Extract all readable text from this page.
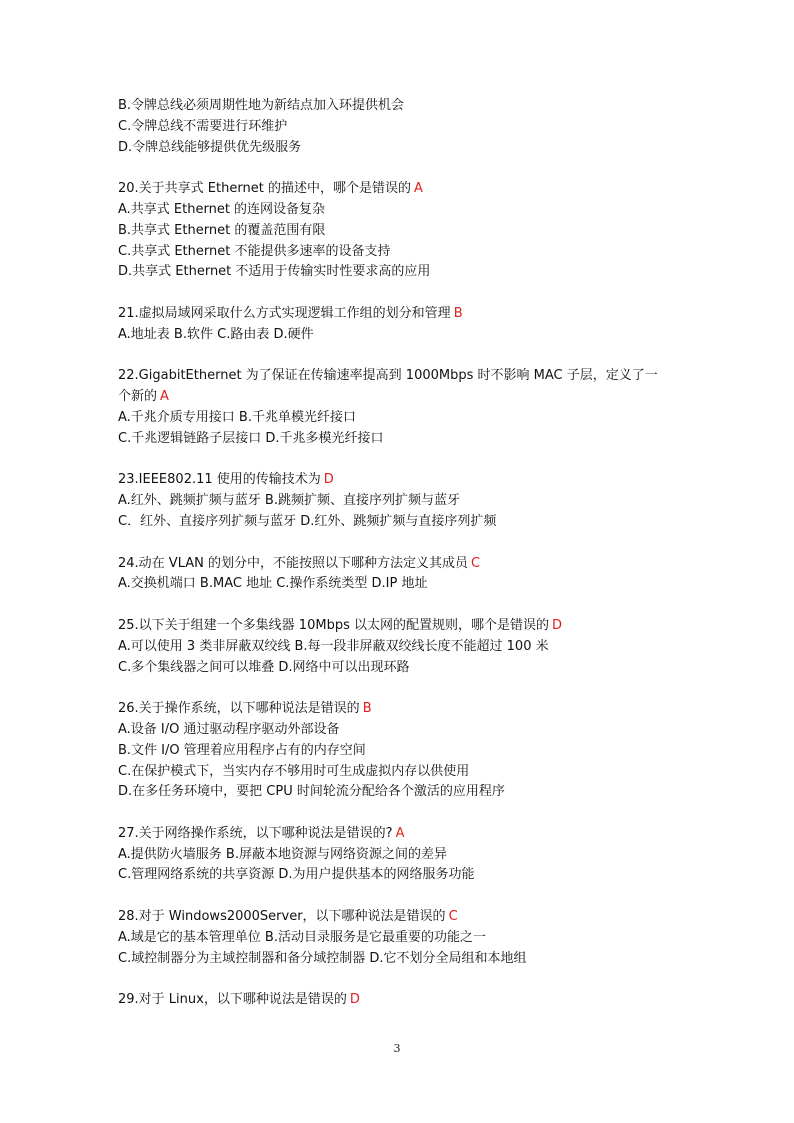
B.令牌总线必须周期性地为新结点加入环提供机会
C.令牌总线不需要进行环维护
D.令牌总线能够提供优先级服务
20.关于共享式 Ethernet 的描述中，哪个是错误的 A
A.共享式 Ethernet 的连网设备复杂
B.共享式 Ethernet 的覆盖范围有限
C.共享式 Ethernet 不能提供多速率的设备支持
D.共享式 Ethernet 不适用于传输实时性要求高的应用
21.虚拟局域网采取什么方式实现逻辑工作组的划分和管理 B
A.地址表 B.软件 C.路由表 D.硬件
22.GigabitEthernet 为了保证在传输速率提高到 1000Mbps 时不影响 MAC 子层，定义了一
个新的 A
A.千兆介质专用接口 B.千兆单模光纤接口
C.千兆逻辑链路子层接口 D.千兆多模光纤接口
23.IEEE802.11 使用的传输技术为 D
A.红外、跳频扩频与蓝牙 B.跳频扩频、直接序列扩频与蓝牙
C．红外、直接序列扩频与蓝牙 D.红外、跳频扩频与直接序列扩频
24.动在 VLAN 的划分中，不能按照以下哪种方法定义其成员 C
A.交换机端口 B.MAC 地址 C.操作系统类型 D.IP 地址
25.以下关于组建一个多集线器 10Mbps 以太网的配置规则，哪个是错误的 D
A.可以使用 3 类非屏蔽双绞线 B.每一段非屏蔽双绞线长度不能超过 100 米
C.多个集线器之间可以堆叠 D.网络中可以出现环路
26.关于操作系统，以下哪种说法是错误的 B
A.设备 I/O 通过驱动程序驱动外部设备
B.文件 I/O 管理着应用程序占有的内存空间
C.在保护模式下，当实内存不够用时可生成虚拟内存以供使用
D.在多任务环境中，要把 CPU 时间轮流分配给各个激活的应用程序
27.关于网络操作系统，以下哪种说法是错误的? A
A.提供防火墙服务 B.屏蔽本地资源与网络资源之间的差异
C.管理网络系统的共享资源 D.为用户提供基本的网络服务功能
28.对于 Windows2000Server，以下哪种说法是错误的 C
A.域是它的基本管理单位 B.活动目录服务是它最重要的功能之一
C.域控制器分为主域控制器和备分域控制器 D.它不划分全局组和本地组
29.对于 Linux，以下哪种说法是错误的 D
3
